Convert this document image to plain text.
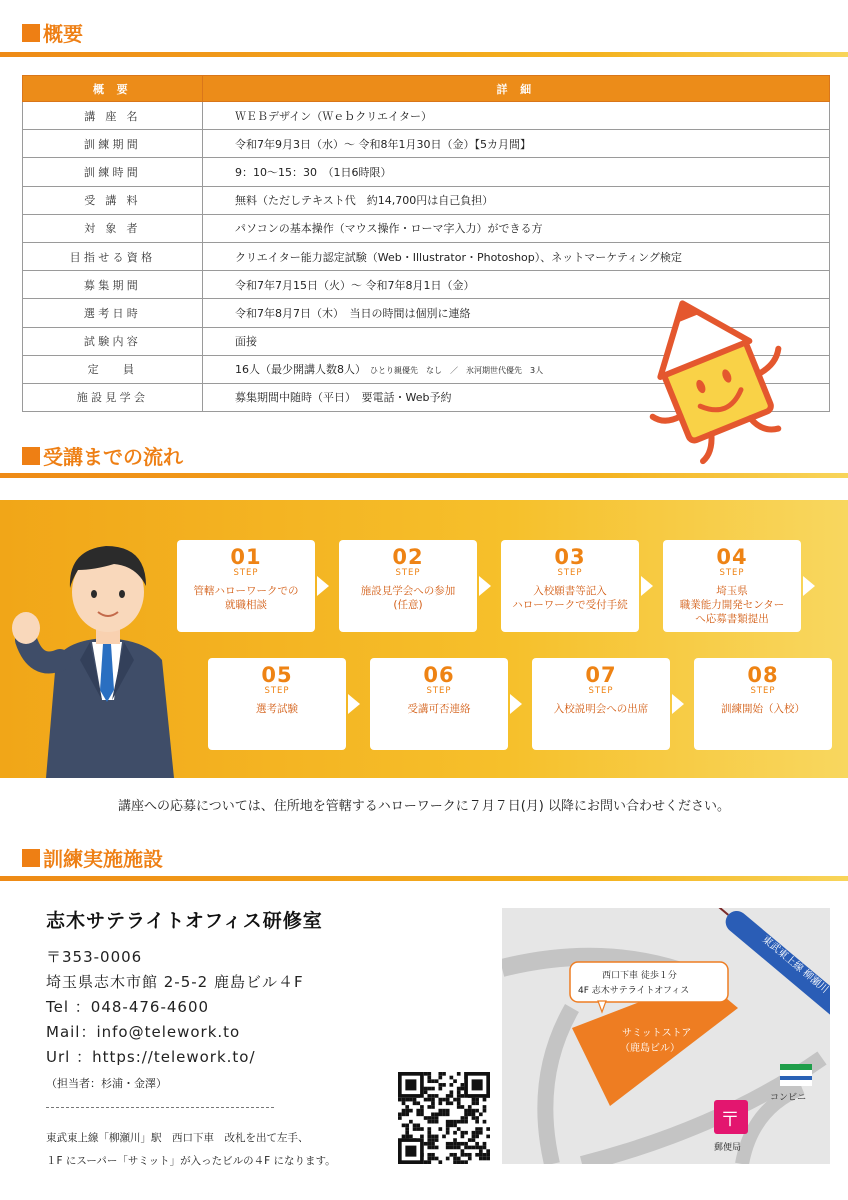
概要
概 要	詳 細
講 座 名	ＷＥＢデザイン（Ｗｅｂクリエイター）
訓練期間	令和7年9月3日（水）～ 令和8年1月30日（金）【5カ月間】
訓練時間	9：10～15：30　（1日6時限）
受 講 料	無料（ただしテキスト代　約14,700円は自己負担）
対 象 者	パソコンの基本操作（マウス操作・ローマ字入力）ができる方
目指せる資格	クリエイター能力認定試験（Web・Illustrator・Photoshop）、ネットマーケティング検定
募集期間	令和7年7月15日（火）～ 令和7年8月1日（金）
選考日時	令和7年8月7日（木）　当日の時間は個別に連絡
試験内容	面接
定　 員	16人（最少開講人数8人） ひとり親優先　なし　／　氷河期世代優先　3人
施設見学会	募集期間中随時（平日）　要電話・Web予約
受講までの流れ
01
STEP
管轄ハローワークでの
就職相談
02
STEP
施設見学会への参加
(任意)
03
STEP
入校願書等記入
ハローワークで受付手続
04
STEP
埼玉県
職業能力開発センター
へ応募書類提出
05
STEP
選考試験
06
STEP
受講可否連絡
07
STEP
入校説明会への出席
08
STEP
訓練開始（入校）
講座への応募については、住所地を管轄するハローワークに７月７日(月) 以降にお問い合わせください。
訓練実施施設
志木サテライトオフィス研修室
〒353-0006
埼玉県志木市館 2-5-2 鹿島ビル４F
Tel ：048-476-4600
Mail：info@telework.to
Url ：https://telework.to/
（担当者：杉浦・金澤）
東武東上線「柳瀬川」駅　西口下車　改札を出て左手、
１F にスーパー「サミット」が入ったビルの４F になります。
東武東上線 柳瀬川
サミットストア
（鹿島ビル）
西口下車 徒歩１分
4F 志木サテライトオフィス
コンビニ
〒
郵便局
